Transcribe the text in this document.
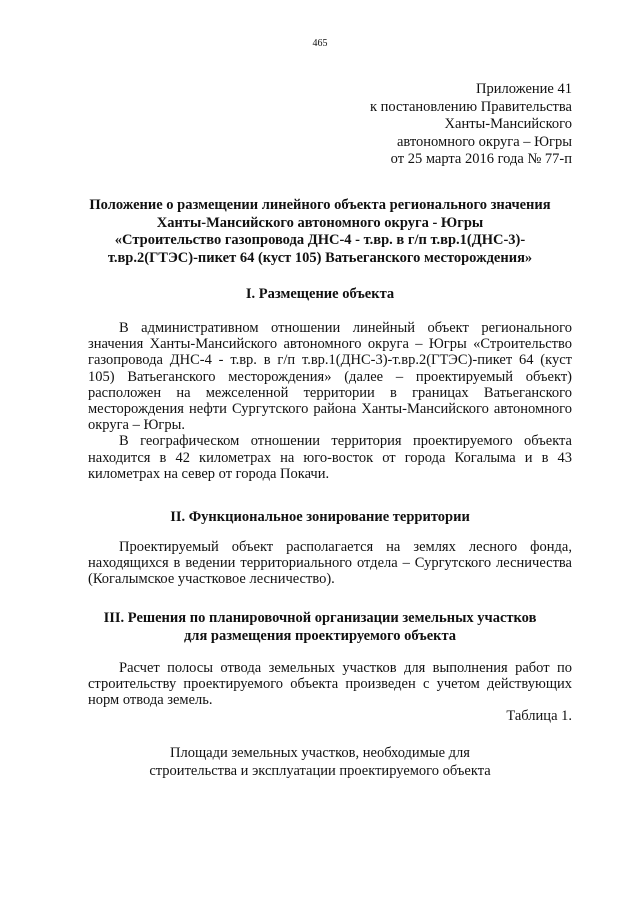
465
Приложение 41
к постановлению Правительства
Ханты-Мансийского
автономного округа – Югры
от 25 марта 2016 года № 77-п
Положение о размещении линейного объекта регионального значения
Ханты-Мансийского автономного округа - Югры
«Строительство газопровода ДНС-4 - т.вр. в г/п т.вр.1(ДНС-3)-
т.вр.2(ГТЭС)-пикет 64 (куст 105) Ватьеганского месторождения»
I. Размещение объекта

В административном отношении линейный объект регионального значения Ханты-Мансийского автономного округа – Югры «Строительство газопровода ДНС-4 - т.вр. в г/п т.вр.1(ДНС-3)-т.вр.2(ГТЭС)-пикет 64 (куст 105) Ватьеганского месторождения» (далее – проектируемый объект) расположен на межселенной территории в границах Ватьеганского месторождения нефти Сургутского района Ханты-Мансийского автономного округа – Югры.

В географическом отношении территория проектируемого объекта находится в 42 километрах на юго-восток от города Когалыма и в 43 километрах на север от города Покачи.

II. Функциональное зонирование территории

Проектируемый объект располагается на землях лесного фонда, находящихся в ведении территориального отдела – Сургутского лесничества (Когалымское участковое лесничество).

III. Решения по планировочной организации земельных участков
для размещения проектируемого объекта

Расчет полосы отвода земельных участков для выполнения работ по строительству проектируемого объекта произведен с учетом действующих норм отвода земель.

Таблица 1.
Площади земельных участков, необходимые для
строительства и эксплуатации проектируемого объекта
